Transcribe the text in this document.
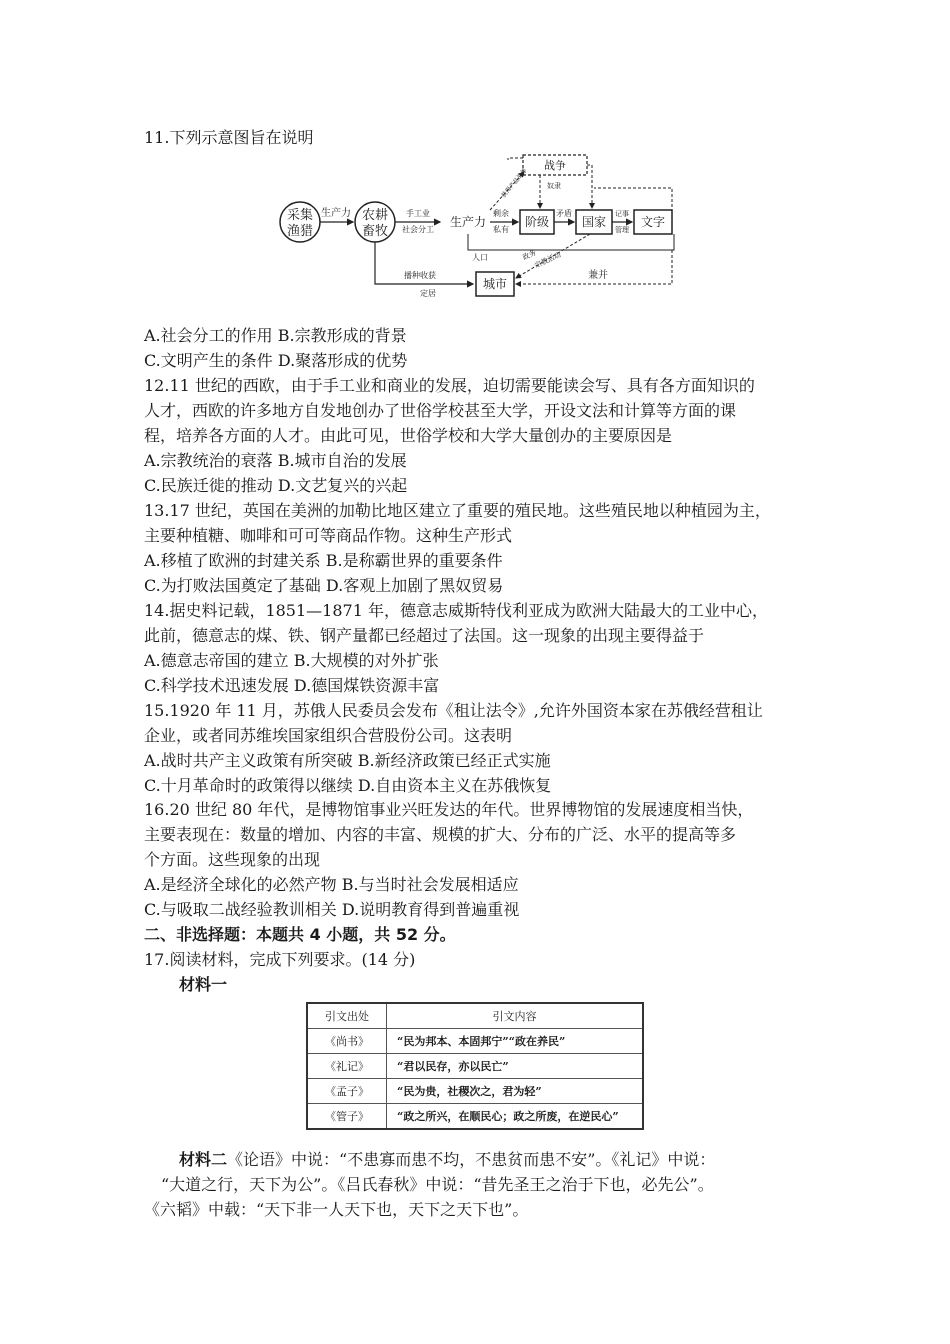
11.下列示意图旨在说明
采集
渔猎
农耕
畜牧
生产力	手工业
社会分工
生产力
剩余
私有
阶级
矛盾
国家
记事
管理
文字
战争
获得产品战俘	奴隶
人口
播种收获
定居
城市
政务
宗教活动
兼并
A.社会分工的作用 B.宗教形成的背景
C.文明产生的条件 D.聚落形成的优势
12.11 世纪的西欧，由于手工业和商业的发展，迫切需要能读会写、具有各方面知识的
人才，西欧的许多地方自发地创办了世俗学校甚至大学，开设文法和计算等方面的课
程，培养各方面的人才。由此可见，世俗学校和大学大量创办的主要原因是
A.宗教统治的衰落 B.城市自治的发展
C.民族迁徙的推动 D.文艺复兴的兴起
13.17 世纪，英国在美洲的加勒比地区建立了重要的殖民地。这些殖民地以种植园为主，
主要种植糖、咖啡和可可等商品作物。这种生产形式
A.移植了欧洲的封建关系 B.是称霸世界的重要条件
C.为打败法国奠定了基础 D.客观上加剧了黑奴贸易
14.据史料记载，1851—1871 年，德意志威斯特伐利亚成为欧洲大陆最大的工业中心，
此前，德意志的煤、铁、钢产量都已经超过了法国。这一现象的出现主要得益于
A.德意志帝国的建立 B.大规模的对外扩张
C.科学技术迅速发展 D.德国煤铁资源丰富
15.1920 年 11 月，苏俄人民委员会发布《租让法令》,允许外国资本家在苏俄经营租让
企业，或者同苏维埃国家组织合营股份公司。这表明
A.战时共产主义政策有所突破 B.新经济政策已经正式实施
C.十月革命时的政策得以继续 D.自由资本主义在苏俄恢复
16.20 世纪 80 年代，是博物馆事业兴旺发达的年代。世界博物馆的发展速度相当快，
主要表现在：数量的增加、内容的丰富、规模的扩大、分布的广泛、水平的提高等多
个方面。这些现象的出现
A.是经济全球化的必然产物 B.与当时社会发展相适应
C.与吸取二战经验教训相关 D.说明教育得到普遍重视
二、非选择题：本题共 4 小题，共 52 分。
17.阅读材料，完成下列要求。(14 分)
材料一
引文出处	引文内容
《尚书》	“民为邦本、本固邦宁”“政在养民”
《礼记》	“君以民存，亦以民亡”
《孟子》	“民为贵，社稷次之，君为轻”
《管子》	“政之所兴，在顺民心；政之所废，在逆民心”
材料二《论语》中说：“不患寡而患不均，不患贫而患不安”。《礼记》中说：
“大道之行，天下为公”。《吕氏春秋》中说：“昔先圣王之治于下也，必先公”。
《六韬》中载：“天下非一人天下也，天下之天下也”。
